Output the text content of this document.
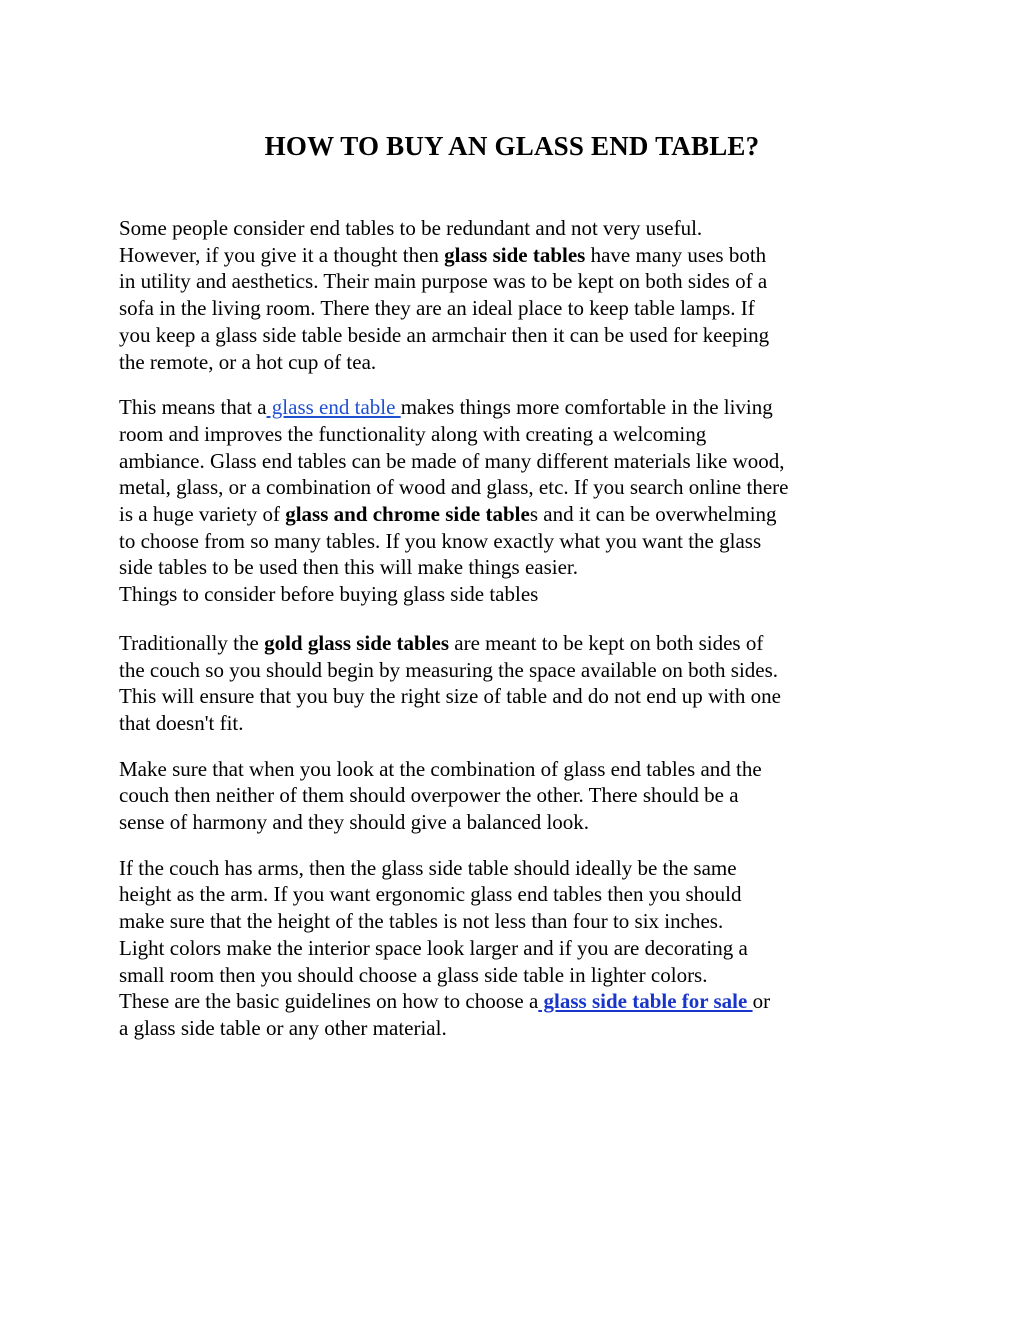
HOW TO BUY AN GLASS END TABLE?

Some people consider end tables to be redundant and not very useful.
However, if you give it a thought then glass side tables have many uses both
in utility and aesthetics. Their main purpose was to be kept on both sides of a
sofa in the living room. There they are an ideal place to keep table lamps. If
you keep a glass side table beside an armchair then it can be used for keeping
the remote, or a hot cup of tea.

This means that a glass end table makes things more comfortable in the living
room and improves the functionality along with creating a welcoming
ambiance. Glass end tables can be made of many different materials like wood,
metal, glass, or a combination of wood and glass, etc. If you search online there
is a huge variety of glass and chrome side tables and it can be overwhelming
to choose from so many tables. If you know exactly what you want the glass
side tables to be used then this will make things easier.
Things to consider before buying glass side tables

Traditionally the gold glass side tables are meant to be kept on both sides of
the couch so you should begin by measuring the space available on both sides.
This will ensure that you buy the right size of table and do not end up with one
that doesn't fit.

Make sure that when you look at the combination of glass end tables and the
couch then neither of them should overpower the other. There should be a
sense of harmony and they should give a balanced look.

If the couch has arms, then the glass side table should ideally be the same
height as the arm. If you want ergonomic glass end tables then you should
make sure that the height of the tables is not less than four to six inches.
Light colors make the interior space look larger and if you are decorating a
small room then you should choose a glass side table in lighter colors.
These are the basic guidelines on how to choose a glass side table for sale or
a glass side table or any other material.
